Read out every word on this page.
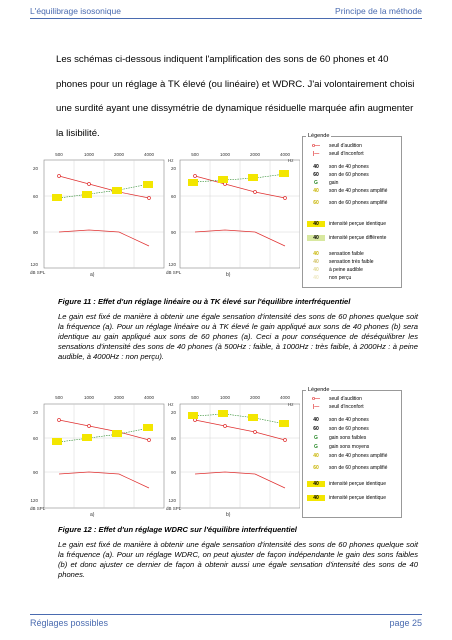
L'équilibrage isosonique	Principe de la méthode
Les schémas ci-dessous indiquent l'amplification des sons de 60 phones et 40
phones pour un réglage à TK élevé (ou linéaire) et WDRC. J'ai volontairement choisi
une surdité ayant une dissymétrie de dynamique résiduelle marquée afin augmenter
la lisibilité.
500	1000	2000	4000
Hz
20
60
90
120
dB SPL	a)
500	1000	2000	4000
Hz
20
60
90
120
dB SPL	b)
Légende
o—	seuil d'audition
|—	seuil d'inconfort
40	son de 40 phones
60	son de 60 phones
G	gain
40	son de 40 phones amplifié
60	son de 60 phones amplifié
40	intensité perçue identique
40	intensité perçue différente
40	sensation faible
40	sensation très faible
40	à peine audible
40	non perçu
Figure 11 : Effet d'un réglage linéaire ou à TK élevé sur l'équilibre interfréquentiel
Le gain est fixé de manière à obtenir une égale sensation d'intensité des sons de 60 phones quelque soit la fréquence (a). Pour un réglage linéaire ou à TK élevé le gain appliqué aux sons de 40 phones (b) sera identique au gain appliqué aux sons de 60 phones (a). Ceci a pour conséquence de déséquilibrer les sensations d'intensité des sons de 40 phones (à 500Hz : faible, à 1000Hz : très faible, à 2000Hz : à peine audible, à 4000Hz : non perçu).
500	1000	2000	4000
Hz
20
60
90
120
dB SPL
a)
500	1000	2000	4000
Hz
20
60
90
120
dB SPL
b)
Légende
o—	seuil d'audition
|—	seuil d'inconfort
40	son de 40 phones
60	son de 60 phones
G	gain sons faibles
G	gain sons moyens
40	son de 40 phones amplifié
60	son de 60 phones amplifié
40	intensité perçue identique
40	intensité perçue identique
Figure 12 : Effet d'un réglage WDRC sur l'équilibre interfréquentiel
Le gain est fixé de manière à obtenir une égale sensation d'intensité des sons de 60 phones quelque soit la fréquence (a). Pour un réglage WDRC, on peut ajuster de façon indépendante le gain des sons faibles (b) et donc ajuster ce dernier de façon à obtenir aussi une égale sensation d'intensité des sons de 40 phones.
Réglages possibles	page 25
